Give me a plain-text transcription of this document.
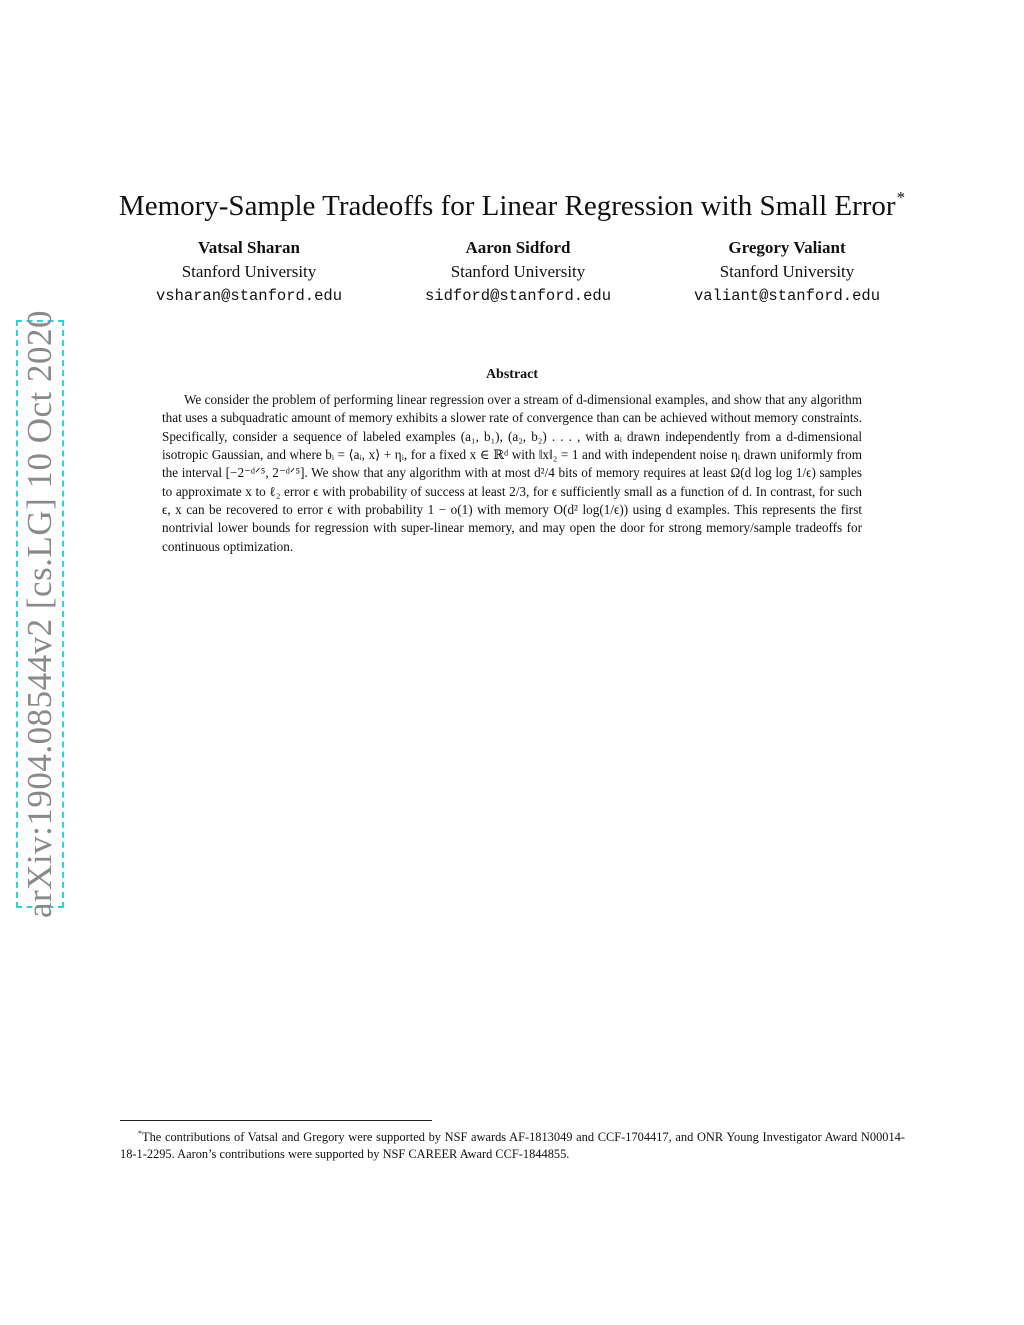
arXiv:1904.08544v2 [cs.LG] 10 Oct 2020
Memory-Sample Tradeoffs for Linear Regression with Small Error*
Vatsal Sharan
Stanford University
vsharan@stanford.edu
Aaron Sidford
Stanford University
sidford@stanford.edu
Gregory Valiant
Stanford University
valiant@stanford.edu
Abstract

We consider the problem of performing linear regression over a stream of d-dimensional examples, and show that any algorithm that uses a subquadratic amount of memory exhibits a slower rate of convergence than can be achieved without memory constraints. Specifically, consider a sequence of labeled examples (a₁, b₁), (a₂, b₂) . . . , with aᵢ drawn independently from a d-dimensional isotropic Gaussian, and where bᵢ = ⟨aᵢ, x⟩ + ηᵢ, for a fixed x ∈ ℝᵈ with ‖x‖₂ = 1 and with independent noise ηᵢ drawn uniformly from the interval [−2⁻ᵈᐟ⁵, 2⁻ᵈᐟ⁵]. We show that any algorithm with at most d²/4 bits of memory requires at least Ω(d log log 1/ϵ) samples to approximate x to ℓ₂ error ϵ with probability of success at least 2/3, for ϵ sufficiently small as a function of d. In contrast, for such ϵ, x can be recovered to error ϵ with probability 1 − o(1) with memory O(d² log(1/ϵ)) using d examples. This represents the first nontrivial lower bounds for regression with super-linear memory, and may open the door for strong memory/sample tradeoffs for continuous optimization.

*The contributions of Vatsal and Gregory were supported by NSF awards AF-1813049 and CCF-1704417, and ONR Young Investigator Award N00014-18-1-2295. Aaron’s contributions were supported by NSF CAREER Award CCF-1844855.
